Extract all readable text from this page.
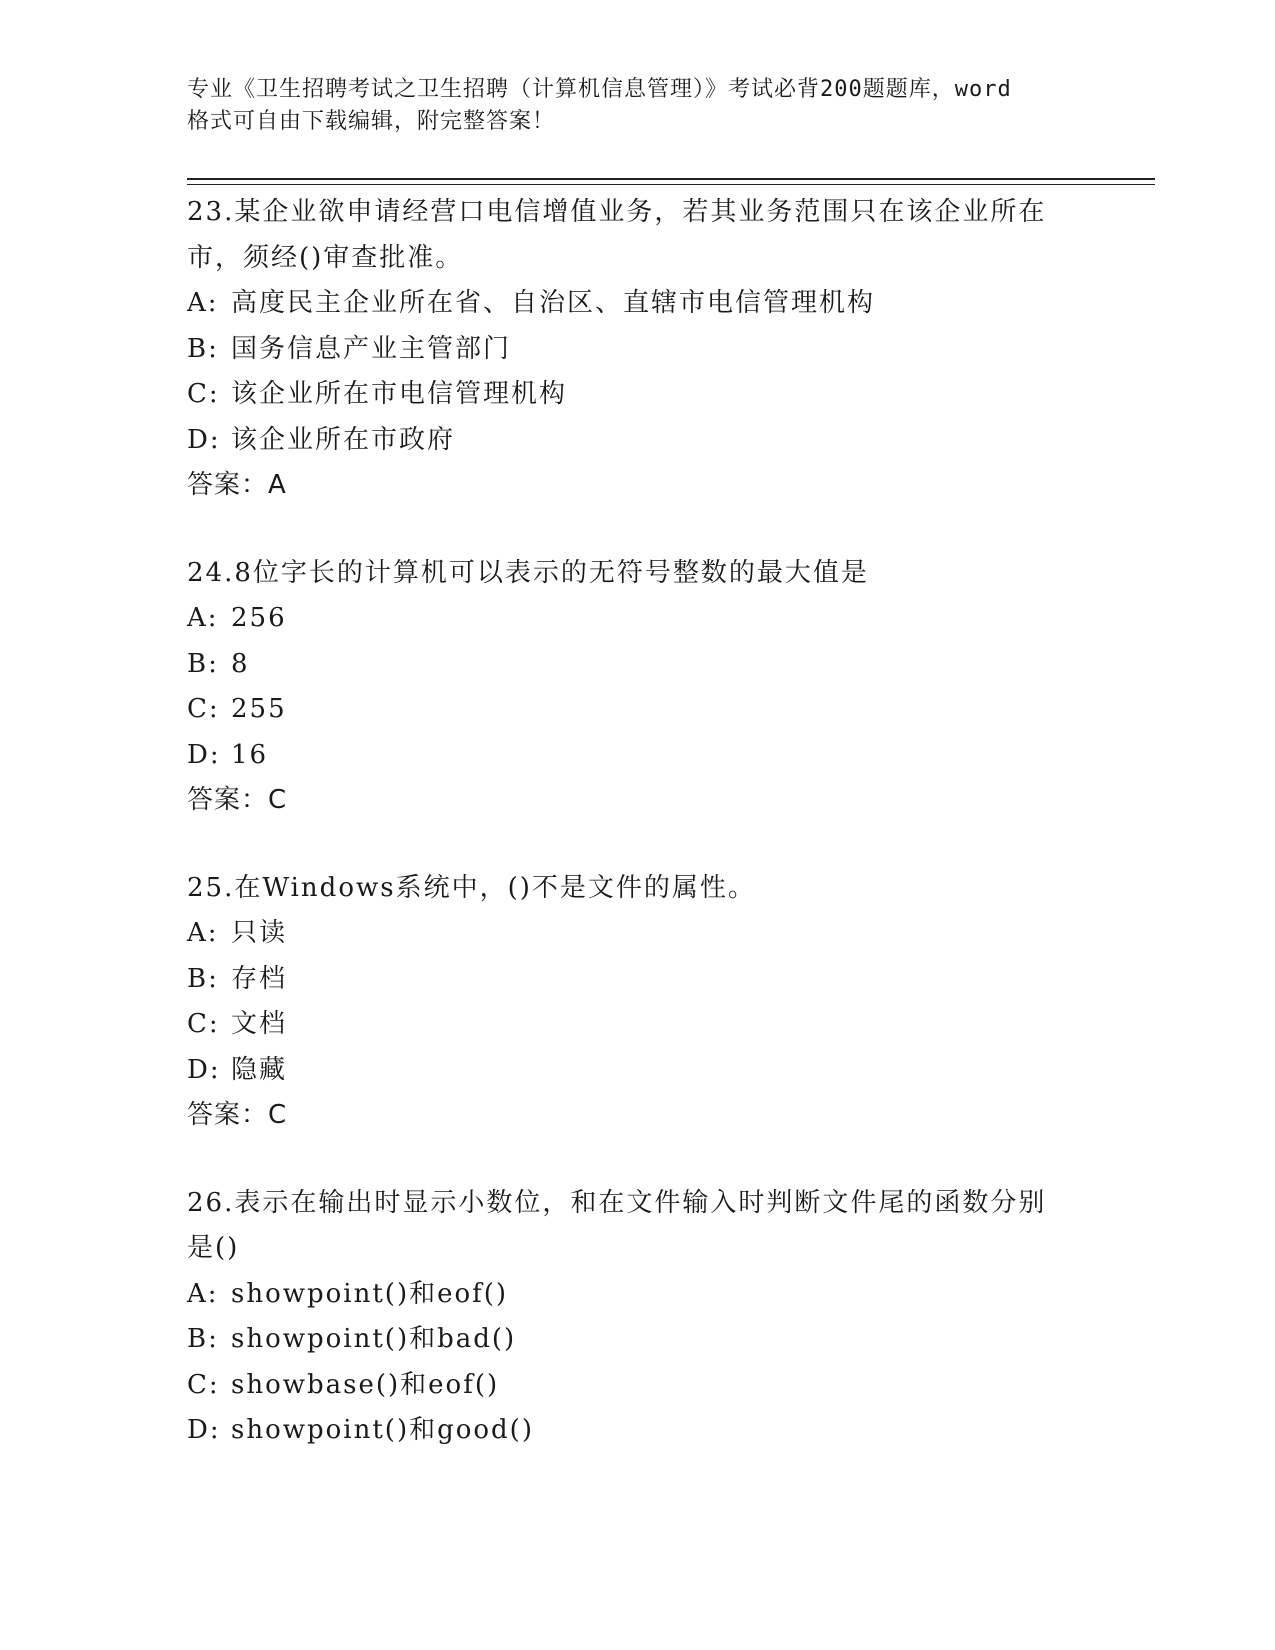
专业《卫生招聘考试之卫生招聘（计算机信息管理）》考试必背200题题库，word
格式可自由下载编辑，附完整答案！
23.某企业欲申请经营口电信增值业务，若其业务范围只在该企业所在
市，须经()审查批准。
A: 高度民主企业所在省、自治区、直辖市电信管理机构
B: 国务信息产业主管部门
C: 该企业所在市电信管理机构
D: 该企业所在市政府
答案：A
24.8位字长的计算机可以表示的无符号整数的最大值是
A: 256
B: 8
C: 255
D: 16
答案：C
25.在Windows系统中，()不是文件的属性。
A: 只读
B: 存档
C: 文档
D: 隐藏
答案：C
26.表示在输出时显示小数位，和在文件输入时判断文件尾的函数分别
是()
A: showpoint()和eof()
B: showpoint()和bad()
C: showbase()和eof()
D: showpoint()和good()
